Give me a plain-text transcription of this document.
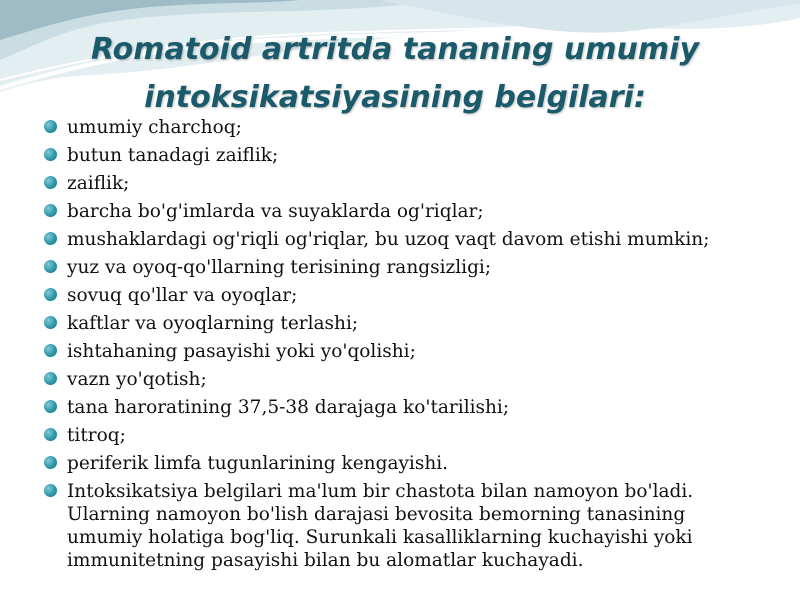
Romatoid artritda tananing umumiy
intoksikatsiyasining belgilari:
umumiy charchoq;
butun tanadagi zaiflik;
zaiflik;
barcha bo'g'imlarda va suyaklarda og'riqlar;
mushaklardagi og'riqli og'riqlar, bu uzoq vaqt davom etishi mumkin;
yuz va oyoq-qo'llarning terisining rangsizligi;
sovuq qo'llar va oyoqlar;
kaftlar va oyoqlarning terlashi;
ishtahaning pasayishi yoki yo'qolishi;
vazn yo'qotish;
tana haroratining 37,5-38 darajaga ko'tarilishi;
titroq;
periferik limfa tugunlarining kengayishi.
Intoksikatsiya belgilari ma'lum bir chastota bilan namoyon bo'ladi. Ularning namoyon bo'lish darajasi bevosita bemorning tanasining umumiy holatiga bog'liq. Surunkali kasalliklarning kuchayishi yoki immunitetning pasayishi bilan bu alomatlar kuchayadi.
